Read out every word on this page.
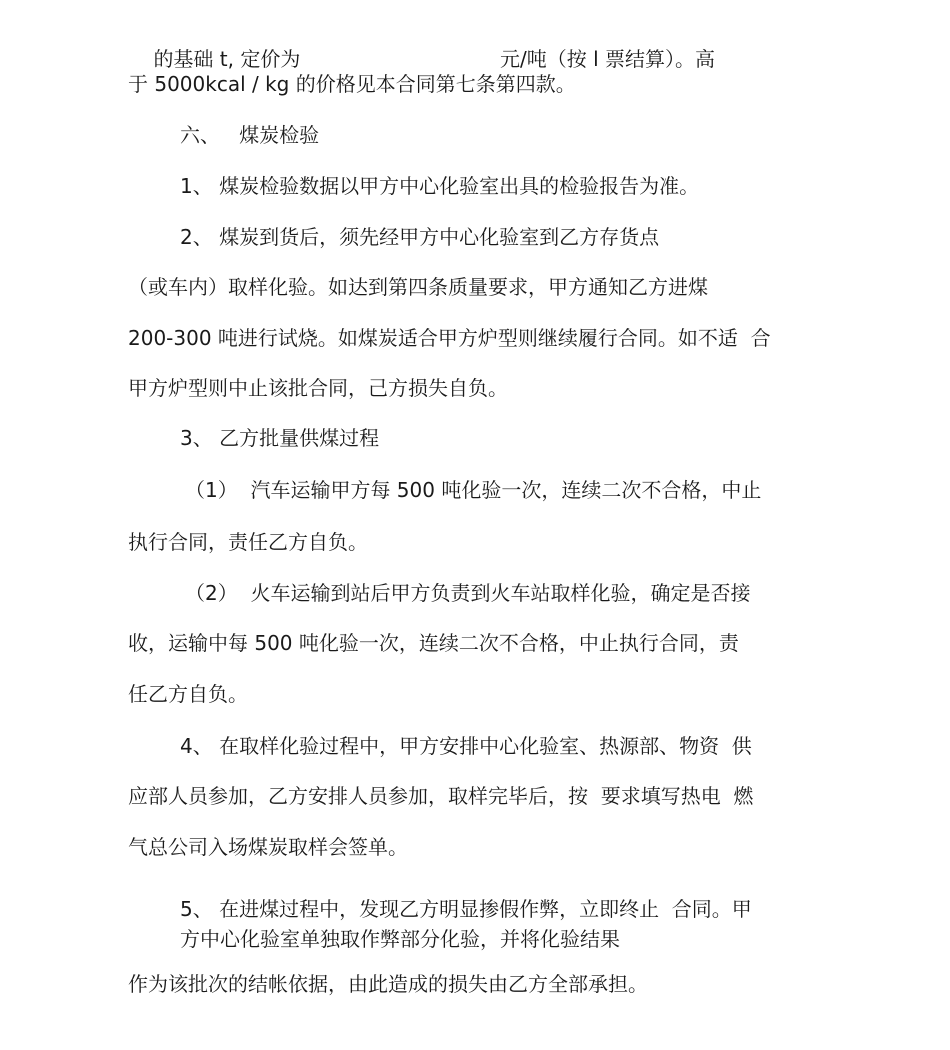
的基础 t, 定价为	元/吨（按 l 票结算）。高

于 5000kcal / kg 的价格见本合同第七条第四款。
六、   煤炭检验
1、 煤炭检验数据以甲方中心化验室出具的检验报告为准。
2、 煤炭到货后，须先经甲方中心化验室到乙方存货点
（或车内）取样化验。如达到第四条质量要求，甲方通知乙方进煤
200-300 吨进行试烧。如煤炭适合甲方炉型则继续履行合同。如不适  合
甲方炉型则中止该批合同，己方损失自负。
3、 乙方批量供煤过程
（1）  汽车运输甲方每 500 吨化验一次，连续二次不合格，中止
执行合同，责任乙方自负。
（2）  火车运输到站后甲方负责到火车站取样化验，确定是否接
收，运输中每 500 吨化验一次，连续二次不合格，中止执行合同，责
任乙方自负。
4、 在取样化验过程中，甲方安排中心化验室、热源部、物资  供
应部人员参加，乙方安排人员参加，取样完毕后，按  要求填写热电  燃
气总公司入场煤炭取样会签单。
5、 在进煤过程中，发现乙方明显掺假作弊，立即终止  合同。甲
方中心化验室单独取作弊部分化验，并将化验结果
作为该批次的结帐依据，由此造成的损失由乙方全部承担。
